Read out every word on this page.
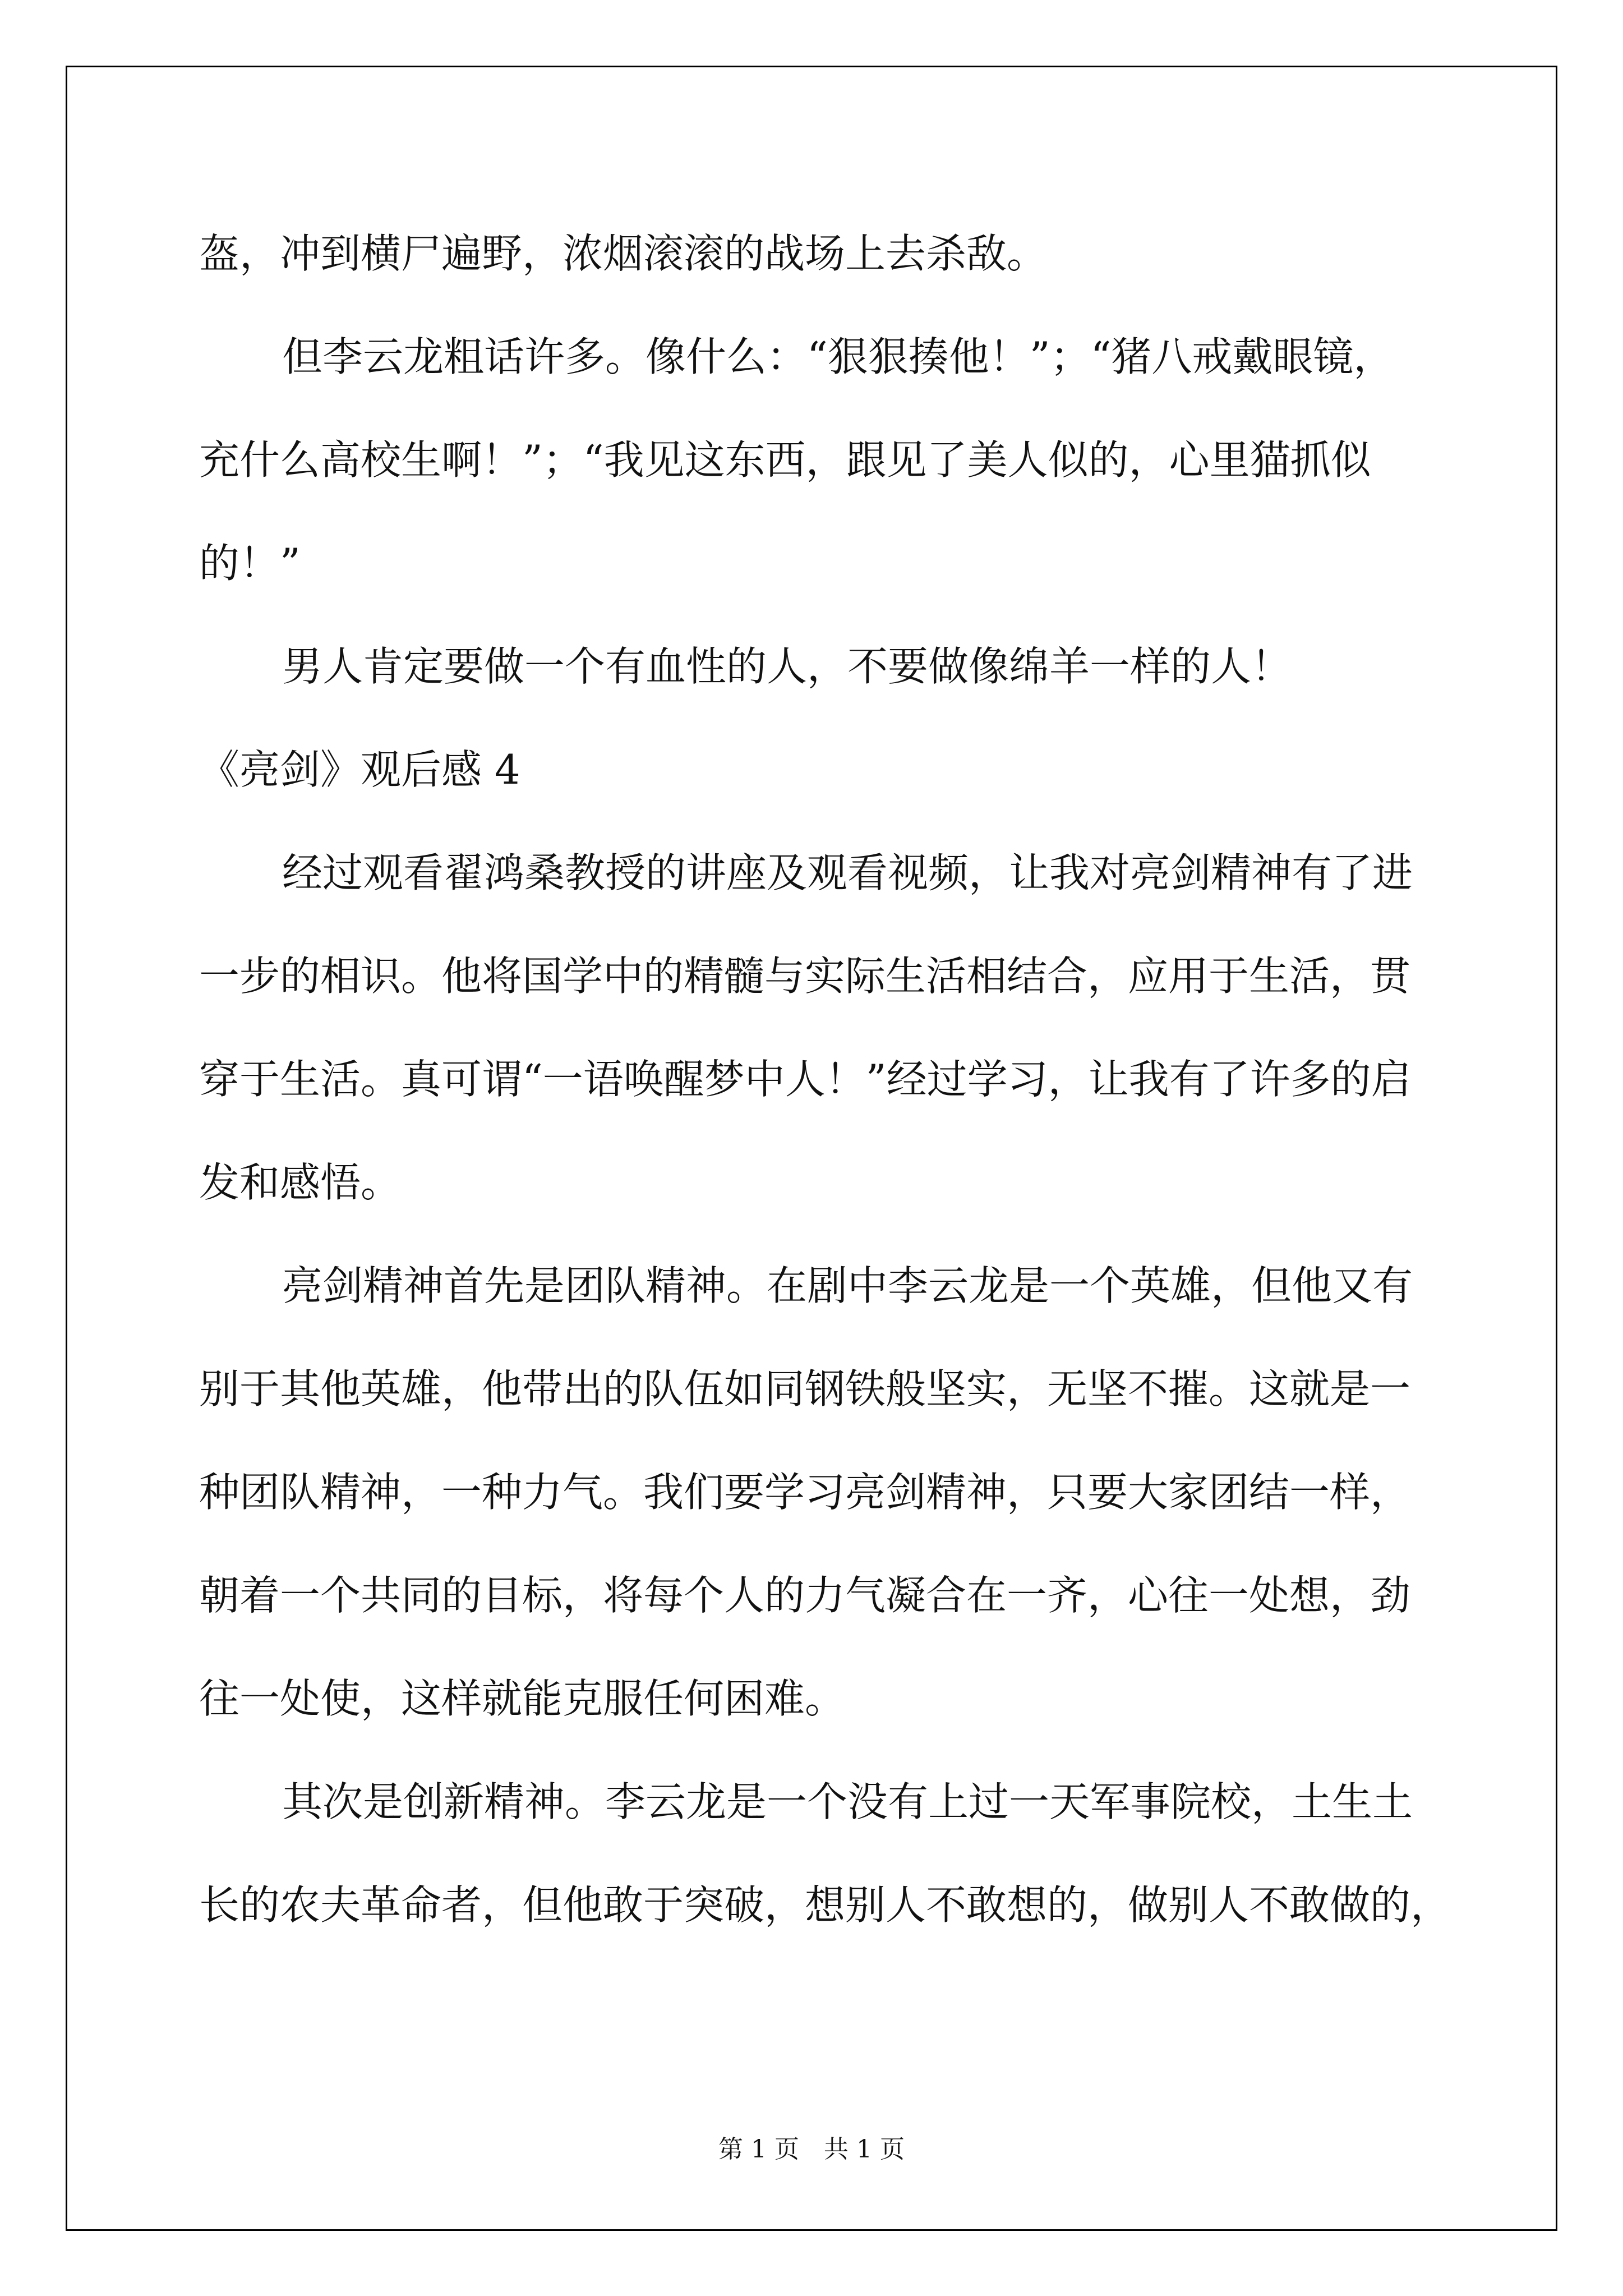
盔，冲到横尸遍野，浓烟滚滚的战场上去杀敌。
但李云龙粗话许多。像什么：“狠狠揍他！”；“猪八戒戴眼镜，
充什么高校生啊！”；“我见这东西，跟见了美人似的，心里猫抓似
的！”
男人肯定要做一个有血性的人，不要做像绵羊一样的人！
《亮剑》观后感 4
经过观看翟鸿桑教授的讲座及观看视频，让我对亮剑精神有了进
一步的相识。他将国学中的精髓与实际生活相结合，应用于生活，贯
穿于生活。真可谓“一语唤醒梦中人！”经过学习，让我有了许多的启
发和感悟。
亮剑精神首先是团队精神。在剧中李云龙是一个英雄，但他又有
别于其他英雄，他带出的队伍如同钢铁般坚实，无坚不摧。这就是一
种团队精神，一种力气。我们要学习亮剑精神，只要大家团结一样，
朝着一个共同的目标，将每个人的力气凝合在一齐，心往一处想，劲
往一处使，这样就能克服任何困难。
其次是创新精神。李云龙是一个没有上过一天军事院校，土生土
长的农夫革命者，但他敢于突破，想别人不敢想的，做别人不敢做的，
第 1 页　共 1 页
